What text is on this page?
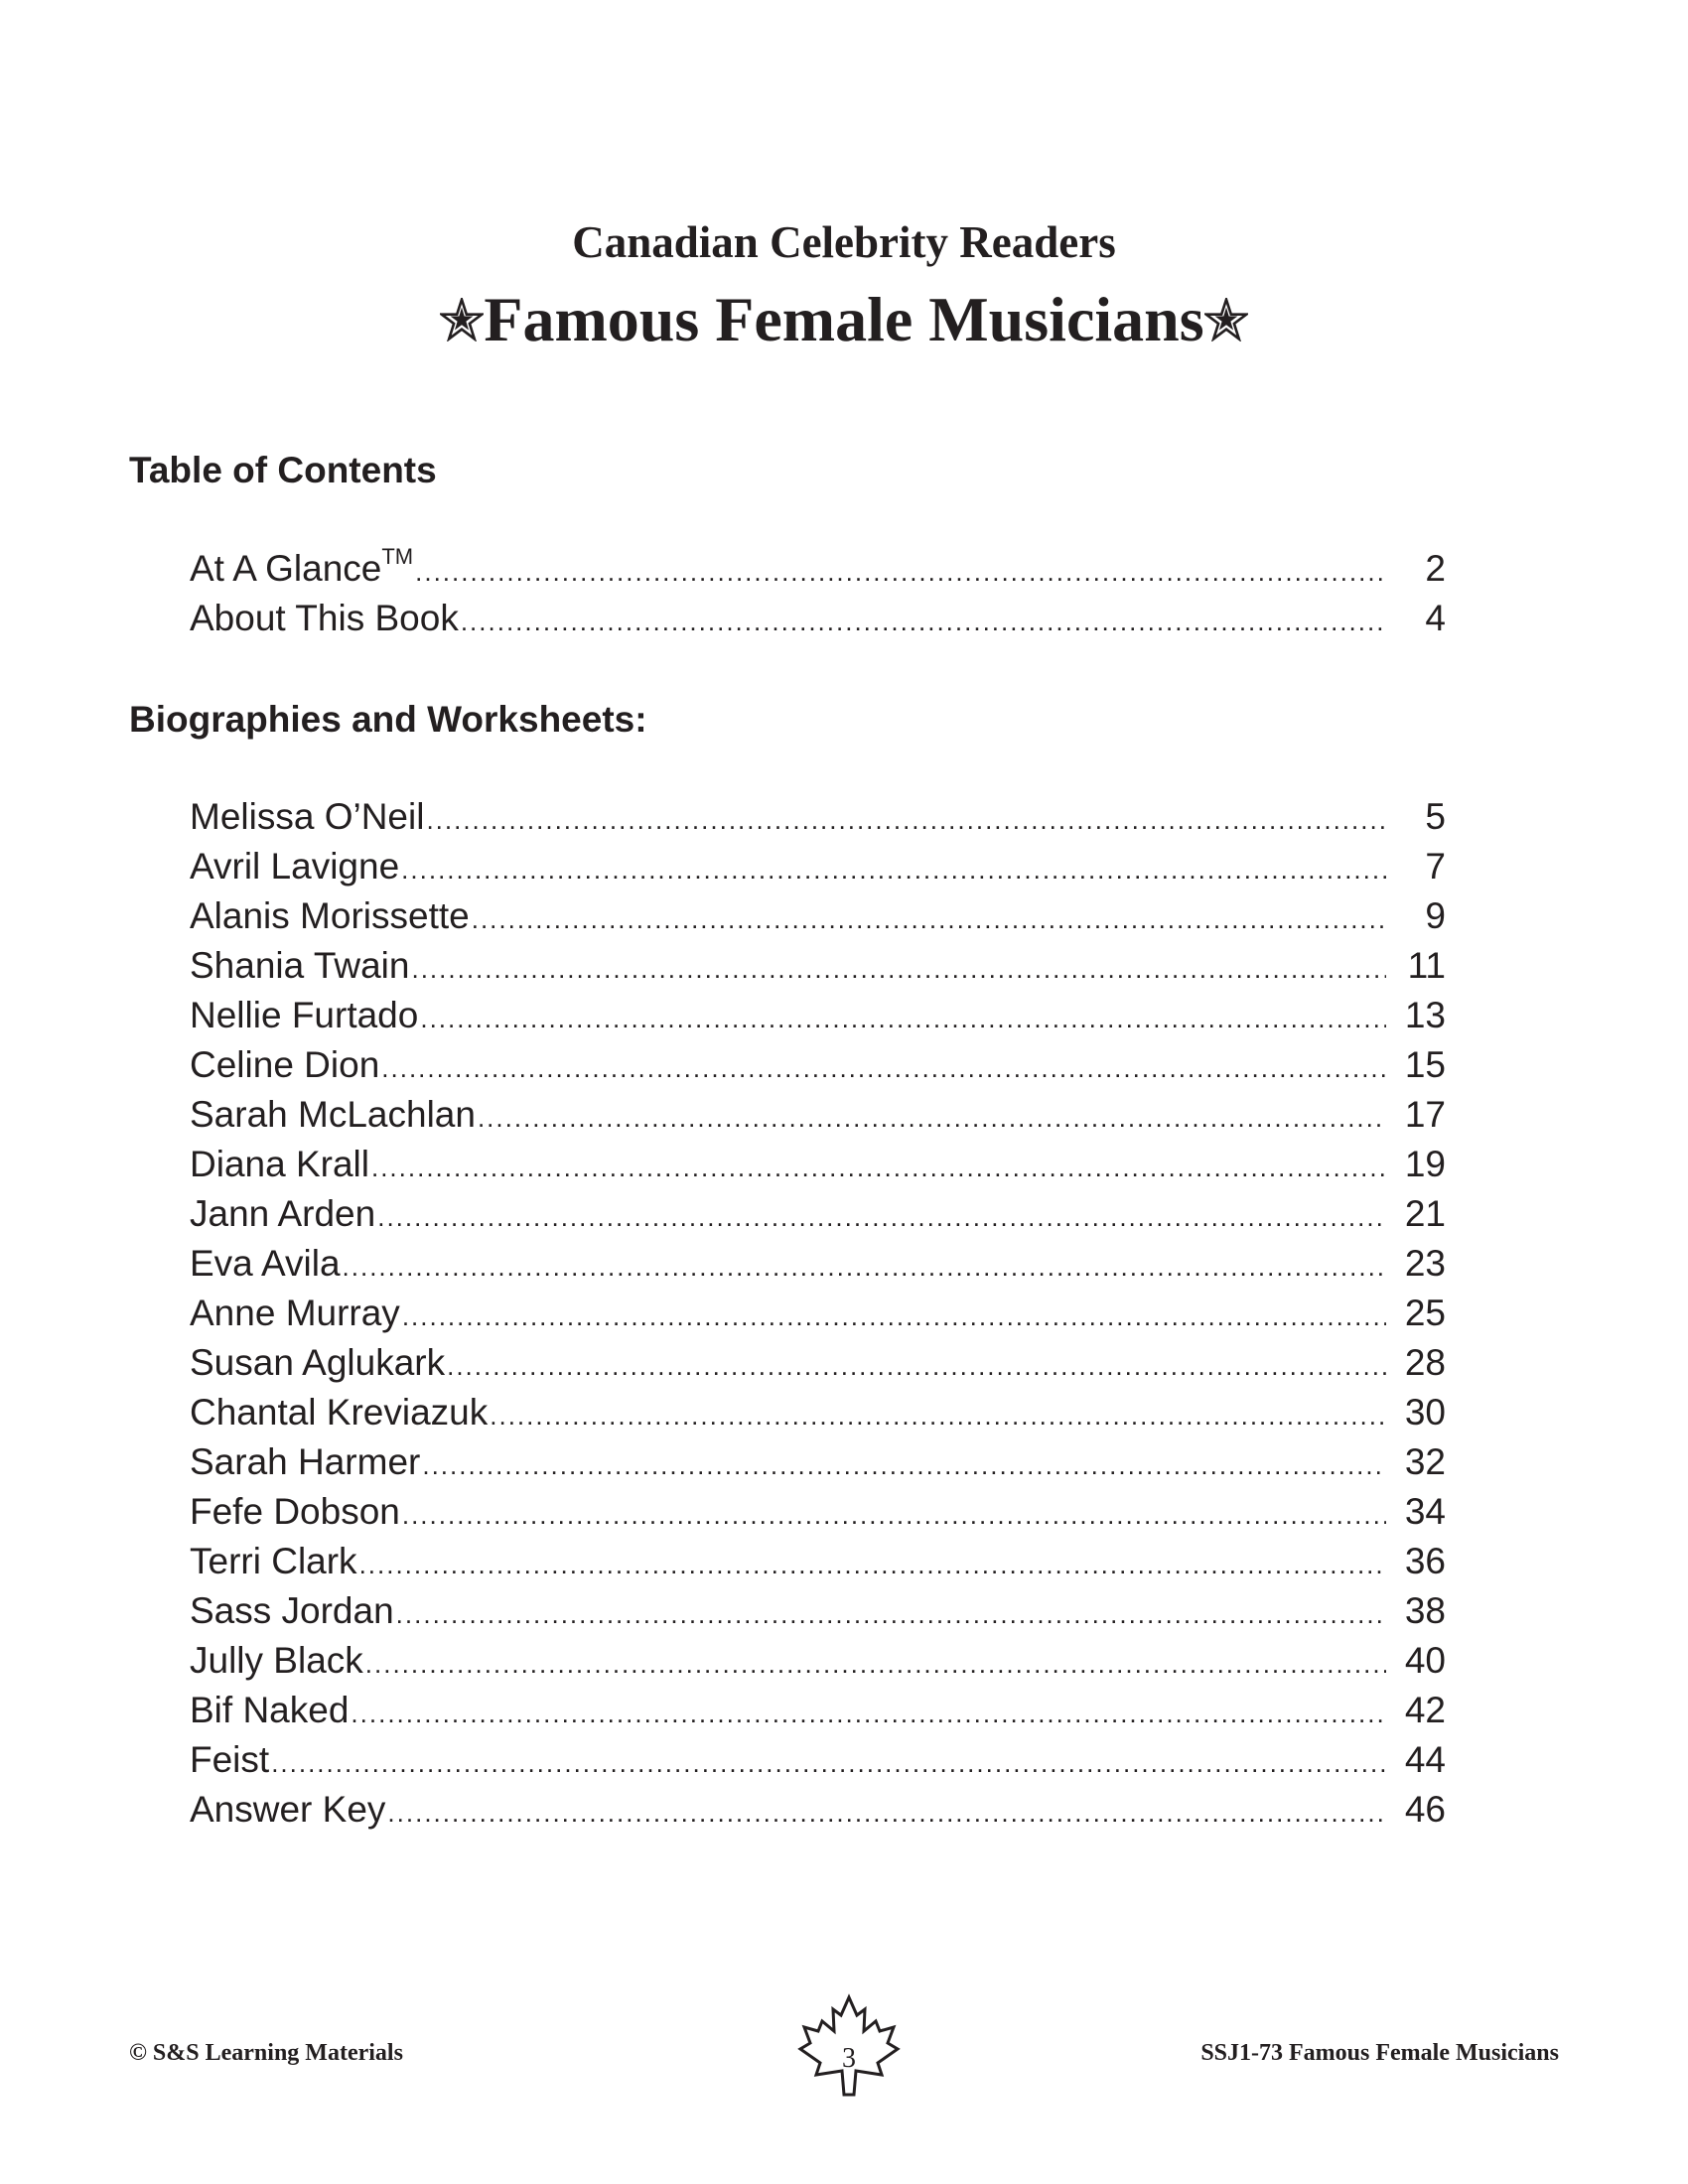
Canadian Celebrity Readers
Famous Female Musicians
Table of Contents
At A Glance™ .....	2
About This Book .....	4
Biographies and Worksheets:
Melissa O’Neil .....	5
Avril Lavigne .....	7
Alanis Morissette .....	9
Shania Twain .....	11
Nellie Furtado .....	13
Celine Dion .....	15
Sarah McLachlan .....	17
Diana Krall .....	19
Jann Arden .....	21
Eva Avila .....	23
Anne Murray .....	25
Susan Aglukark .....	28
Chantal Kreviazuk .....	30
Sarah Harmer .....	32
Fefe Dobson .....	34
Terri Clark .....	36
Sass Jordan .....	38
Jully Black .....	40
Bif Naked .....	42
Feist .....	44
Answer Key .....	46
© S&S Learning Materials	3	SSJ1-73 Famous Female Musicians
